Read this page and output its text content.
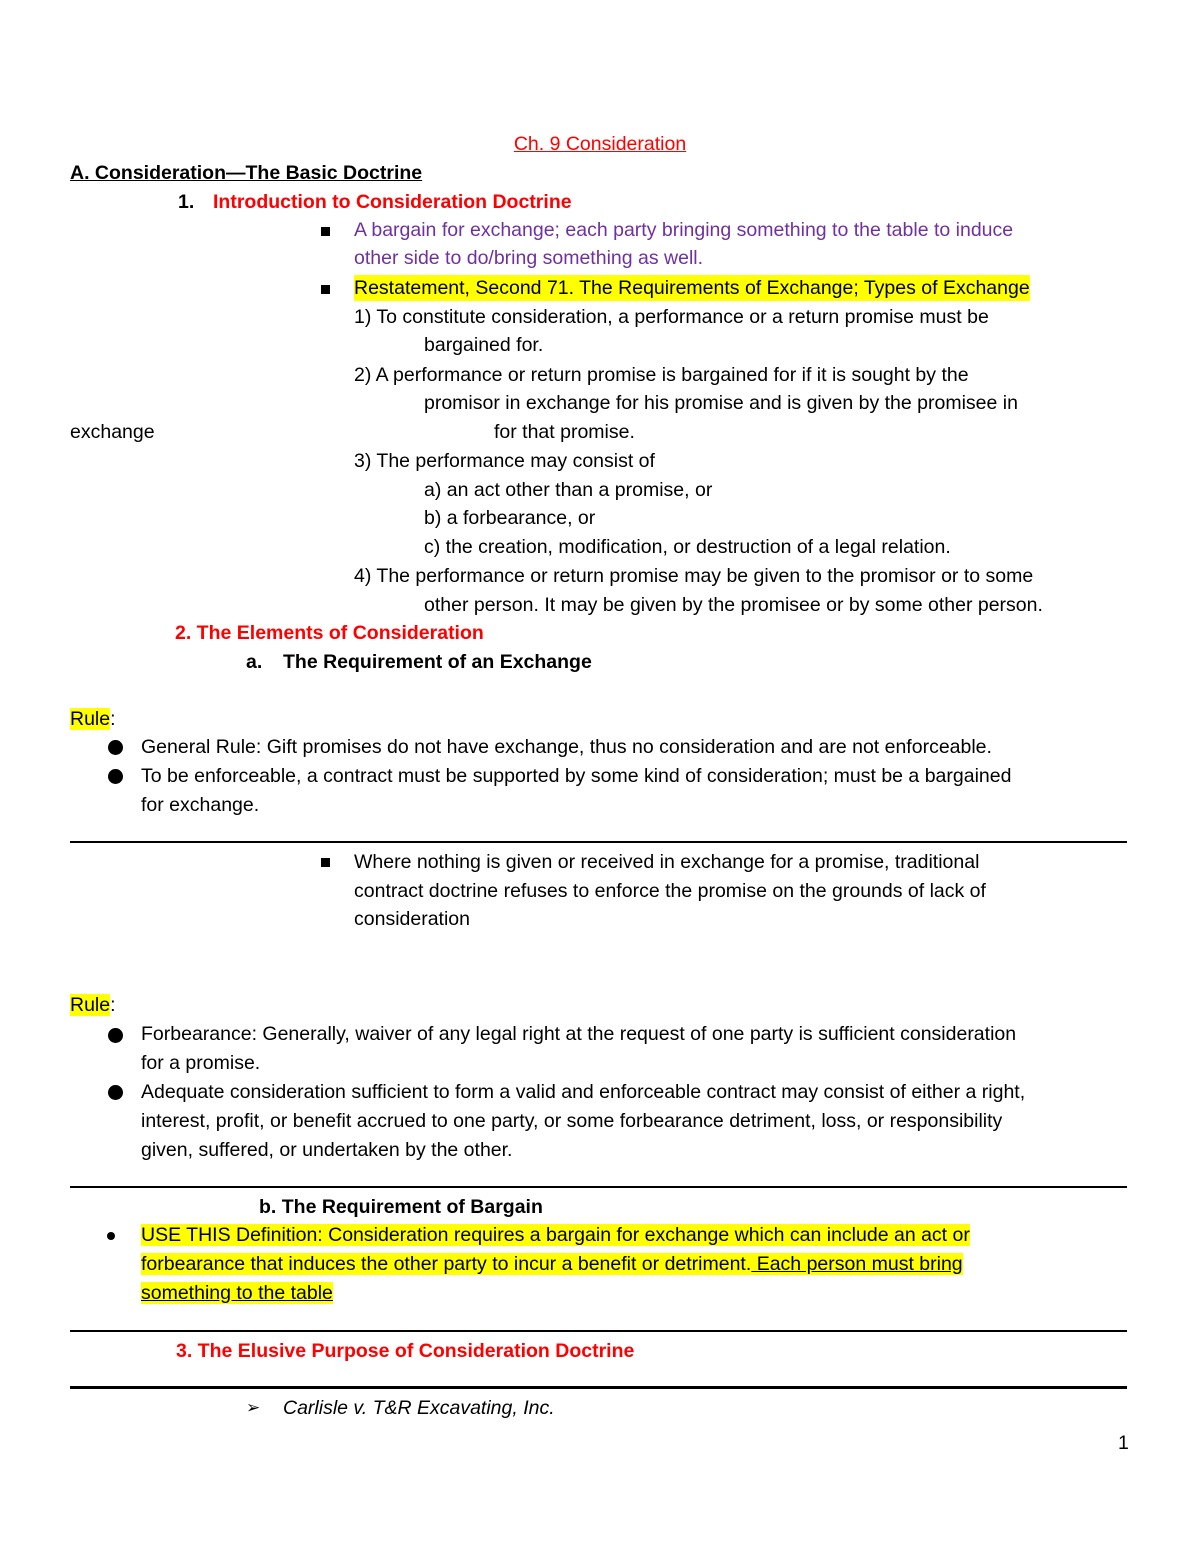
Ch. 9 Consideration
A. Consideration—The Basic Doctrine
1. Introduction to Consideration Doctrine
A bargain for exchange; each party bringing something to the table to induce
other side to do/bring something as well.
Restatement, Second 71. The Requirements of Exchange; Types of Exchange
1) To constitute consideration, a performance or a return promise must be
bargained for.
2) A performance or return promise is bargained for if it is sought by the
promisor in exchange for his promise and is given by the promisee in
exchange	for that promise.
3) The performance may consist of
a) an act other than a promise, or
b) a forbearance, or
c) the creation, modification, or destruction of a legal relation.
4) The performance or return promise may be given to the promisor or to some
other person. It may be given by the promisee or by some other person.
2. The Elements of Consideration
a. The Requirement of an Exchange
Rule:
General Rule: Gift promises do not have exchange, thus no consideration and are not enforceable.
To be enforceable, a contract must be supported by some kind of consideration; must be a bargained
for exchange.
Where nothing is given or received in exchange for a promise, traditional
contract doctrine refuses to enforce the promise on the grounds of lack of
consideration
Rule:
Forbearance: Generally, waiver of any legal right at the request of one party is sufficient consideration
for a promise.
Adequate consideration sufficient to form a valid and enforceable contract may consist of either a right,
interest, profit, or benefit accrued to one party, or some forbearance detriment, loss, or responsibility
given, suffered, or undertaken by the other.
b. The Requirement of Bargain
USE THIS Definition: Consideration requires a bargain for exchange which can include an act or
forbearance that induces the other party to incur a benefit or detriment. Each person must bring
something to the table
3. The Elusive Purpose of Consideration Doctrine
➢ Carlisle v. T&R Excavating, Inc.
1
